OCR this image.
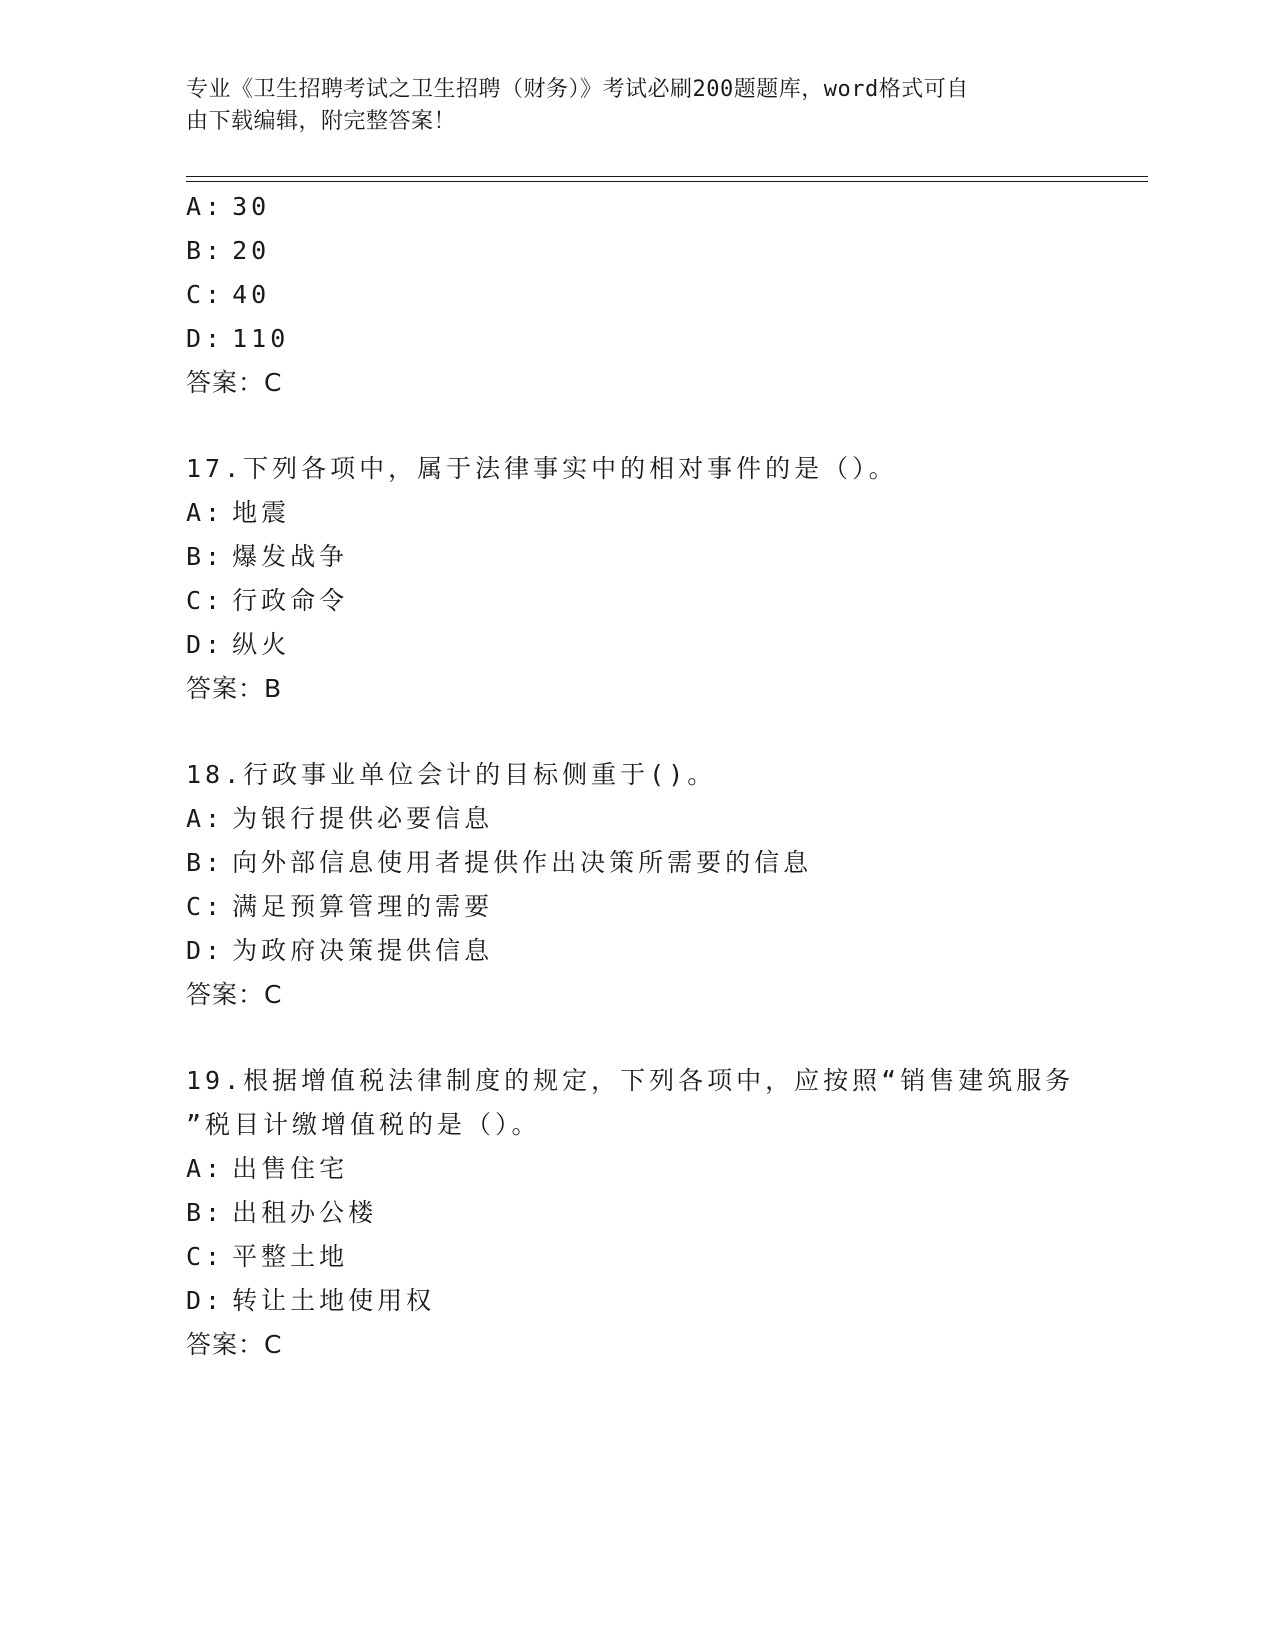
专业《卫生招聘考试之卫生招聘（财务）》考试必刷200题题库，word格式可自
由下载编辑，附完整答案！
A: 30
B: 20
C: 40
D: 110
答案：C
17.下列各项中，属于法律事实中的相对事件的是（）。
A: 地震
B: 爆发战争
C: 行政命令
D: 纵火
答案：B
18.行政事业单位会计的目标侧重于()。
A: 为银行提供必要信息
B: 向外部信息使用者提供作出决策所需要的信息
C: 满足预算管理的需要
D: 为政府决策提供信息
答案：C
19.根据增值税法律制度的规定，下列各项中，应按照“销售建筑服务
”税目计缴增值税的是（）。
A: 出售住宅
B: 出租办公楼
C: 平整土地
D: 转让土地使用权
答案：C
